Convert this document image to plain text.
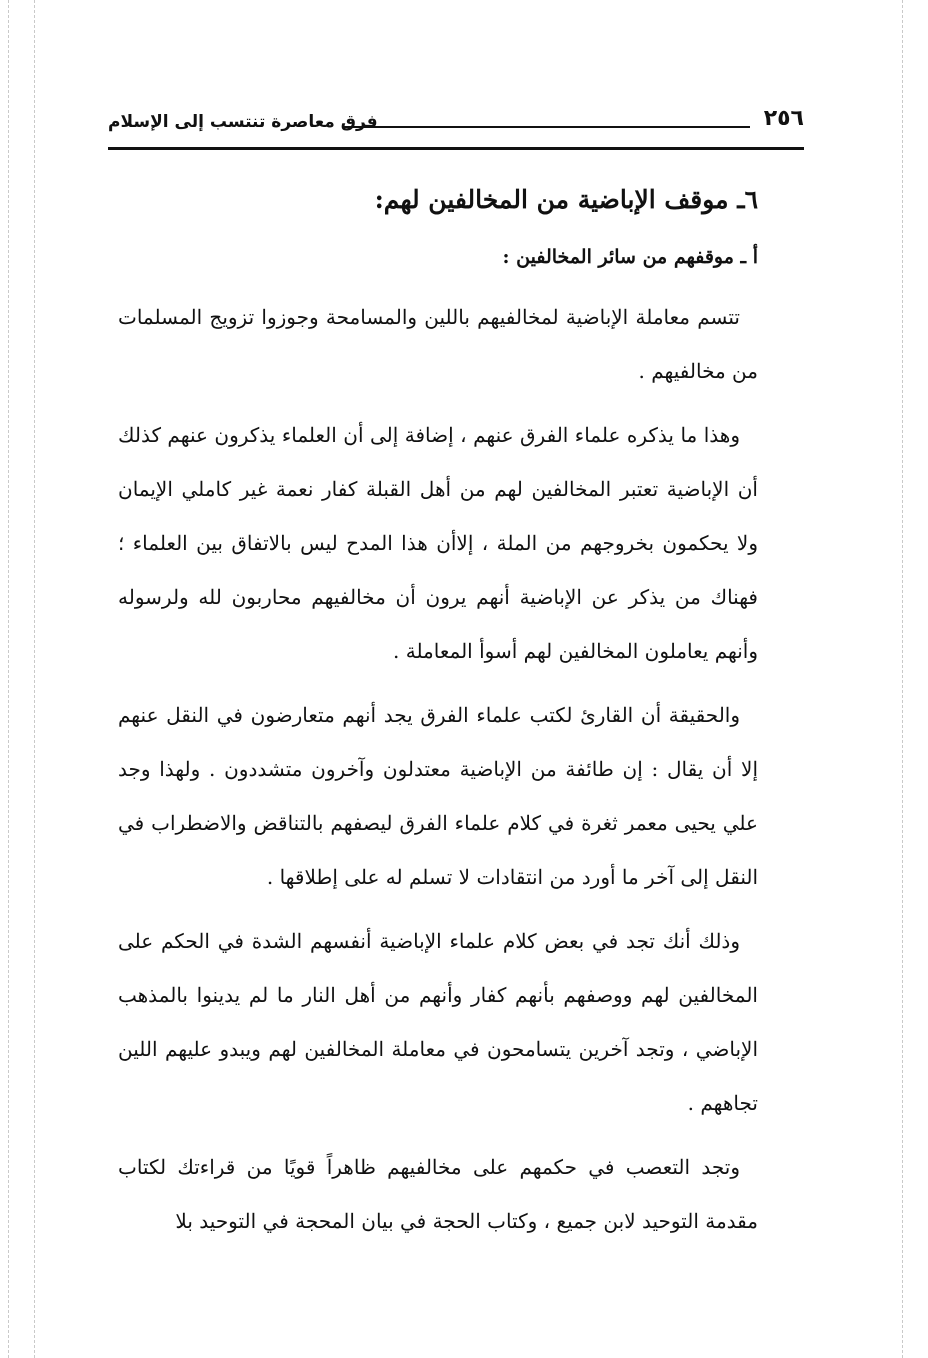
٢٥٦
فرق معاصرة تنتسب إلى الإسلام
٦ـ موقف الإباضية من المخالفين لهم:
أ ـ موقفهم من سائر المخالفين :

تتسم معاملة الإباضية لمخالفيهم باللين والمسامحة وجوزوا تزويج المسلمات من مخالفيهم .

وهذا ما يذكره علماء الفرق عنهم ، إضافة إلى أن العلماء يذكرون عنهم كذلك أن الإباضية تعتبر المخالفين لهم من أهل القبلة كفار نعمة غير كاملي الإيمان ولا يحكمون بخروجهم من الملة ، إلاأن هذا المدح ليس بالاتفاق بين العلماء ؛ فهناك من يذكر عن الإباضية أنهم يرون أن مخالفيهم محاربون لله ولرسوله وأنهم يعاملون المخالفين لهم أسوأ المعاملة .

والحقيقة أن القارئ لكتب علماء الفرق يجد أنهم متعارضون في النقل عنهم إلا أن يقال : إن طائفة من الإباضية معتدلون وآخرون متشددون . ولهذا وجد علي يحيى معمر ثغرة في كلام علماء الفرق ليصفهم بالتناقض والاضطراب في النقل إلى آخر ما أورد من انتقادات لا تسلم له على إطلاقها .

وذلك أنك تجد في بعض كلام علماء الإباضية أنفسهم الشدة في الحكم على المخالفين لهم ووصفهم بأنهم كفار وأنهم من أهل النار ما لم يدينوا بالمذهب الإباضي ، وتجد آخرين يتسامحون في معاملة المخالفين لهم ويبدو عليهم اللين تجاههم .

وتجد التعصب في حكمهم على مخالفيهم ظاهراً قويًا من قراءتك لكتاب مقدمة التوحيد لابن جميع ، وكتاب الحجة في بيان المحجة في التوحيد بلا
